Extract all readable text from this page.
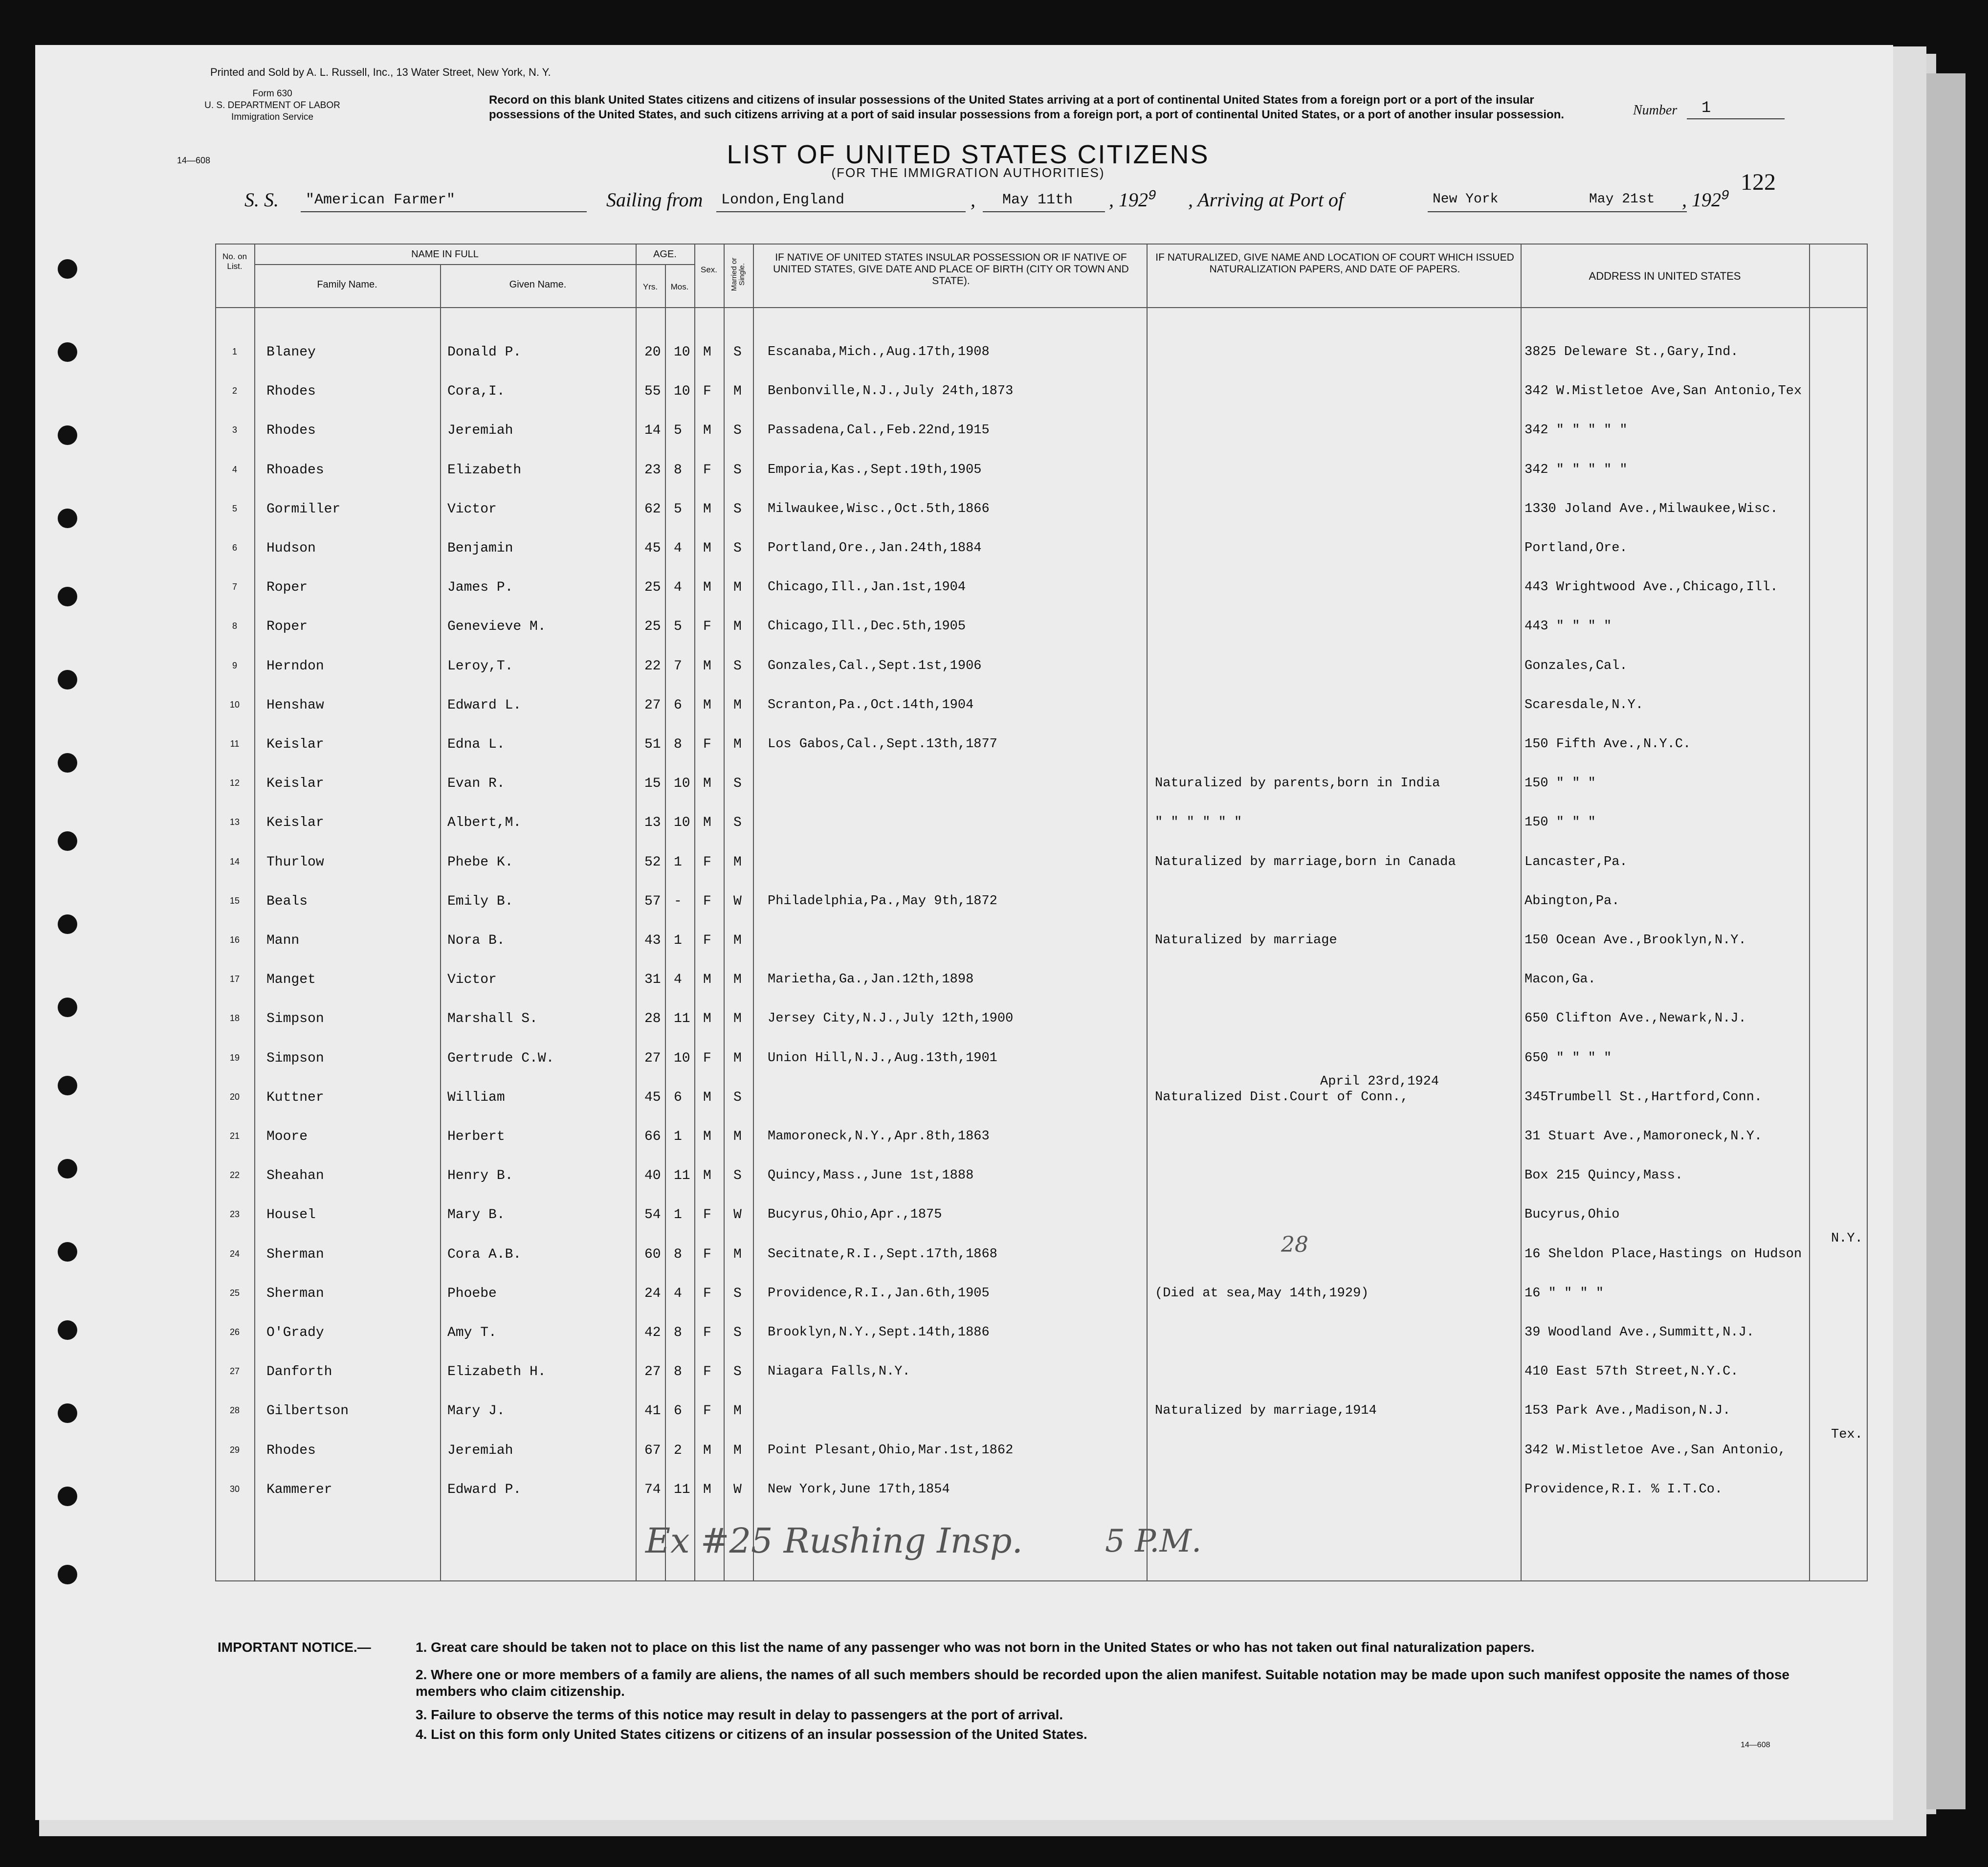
Printed and Sold by A. L. Russell, Inc., 13 Water Street, New York, N. Y.
Form 630
U. S. DEPARTMENT OF LABOR
Immigration Service
Record on this blank United States citizens and citizens of insular possessions of the United States arriving at a port of continental United States from a foreign port or a port of the insular possessions of the United States, and such citizens arriving at a port of said insular possessions from a foreign port, a port of continental United States, or a port of another insular possession.	Number 1
14—608	LIST OF UNITED STATES CITIZENS
(FOR THE IMMIGRATION AUTHORITIES)	122
S. S. "American Farmer"	Sailing from London,England	, May 11th , $192^9$ , Arriving at Port of	New York	May 21st , $192^9$
No. on List.
NAME IN FULL
Family Name.	Given Name.
AGE.
Yrs.	Mos.
Sex.	Married or Single.
IF NATIVE OF UNITED STATES INSULAR POSSESSION OR IF NATIVE OF UNITED STATES, GIVE DATE AND PLACE OF BIRTH (CITY OR TOWN AND STATE).
IF NATURALIZED, GIVE NAME AND LOCATION OF COURT WHICH ISSUED NATURALIZATION PAPERS, AND DATE OF PAPERS.
ADDRESS IN UNITED STATES
1	Blaney	Donald P.	20 10 M S Escanaba,Mich.,Aug.17th,1908	3825 Deleware St.,Gary,Ind.
2	Rhodes	Cora,I.	55 10 F M Benbonville,N.J.,July 24th,1873	342 W.Mistletoe Ave,San Antonio,Tex
3	Rhodes	Jeremiah	14 5 M S Passadena,Cal.,Feb.22nd,1915	342 " " " " "
4	Rhoades	Elizabeth	23 8 F S Emporia,Kas.,Sept.19th,1905	342 " " " " "
5	Gormiller	Victor	62 5 M S Milwaukee,Wisc.,Oct.5th,1866	1330 Joland Ave.,Milwaukee,Wisc.
6	Hudson	Benjamin	45 4 M S Portland,Ore.,Jan.24th,1884	Portland,Ore.
7	Roper	James P.	25 4 M M Chicago,Ill.,Jan.1st,1904	443 Wrightwood Ave.,Chicago,Ill.
8	Roper	Genevieve M.	25 5 F M Chicago,Ill.,Dec.5th,1905	443 " " " "
9	Herndon	Leroy,T.	22 7 M S Gonzales,Cal.,Sept.1st,1906	Gonzales,Cal.
10	Henshaw	Edward L.	27 6 M M Scranton,Pa.,Oct.14th,1904	Scaresdale,N.Y.
11	Keislar	Edna L.	51 8 F M Los Gabos,Cal.,Sept.13th,1877	150 Fifth Ave.,N.Y.C.
12	Keislar	Evan R.	15 10 M S	Naturalized by parents,born in India	150 " " "
13	Keislar	Albert,M.	13 10 M S	" " " " " "	150 " " "
14	Thurlow	Phebe K.	52 1 F M	Naturalized by marriage,born in Canada	Lancaster,Pa.
15	Beals	Emily B.	57 - F W Philadelphia,Pa.,May 9th,1872	Abington,Pa.
16	Mann	Nora B.	43 1 F M	Naturalized by marriage	150 Ocean Ave.,Brooklyn,N.Y.
17	Manget	Victor	31 4 M M Marietha,Ga.,Jan.12th,1898	Macon,Ga.
18	Simpson	Marshall S.	28 11 M M Jersey City,N.J.,July 12th,1900	650 Clifton Ave.,Newark,N.J.
19	Simpson	Gertrude C.W.	27 10 F M Union Hill,N.J.,Aug.13th,1901	650 " " " "
20	Kuttner	William	45 6 M S	Naturalized Dist.Court of Conn.,	345Trumbell St.,Hartford,Conn.
April 23rd,1924
21	Moore	Herbert	66 1 M M Mamoroneck,N.Y.,Apr.8th,1863	31 Stuart Ave.,Mamoroneck,N.Y.
22	Sheahan	Henry B.	40 11 M S Quincy,Mass.,June 1st,1888	Box 215 Quincy,Mass.
23	Housel	Mary B.	54 1 F W Bucyrus,Ohio,Apr.,1875	Bucyrus,Ohio
24	Sherman	Cora A.B.	60 8 F M Secitnate,R.I.,Sept.17th,1868	16 Sheldon Place,Hastings on Hudson
N.Y.
25	Sherman	Phoebe	24 4 F S Providence,R.I.,Jan.6th,1905	(Died at sea,May 14th,1929)	16 " " " "
26	O'Grady	Amy T.	42 8 F S Brooklyn,N.Y.,Sept.14th,1886	39 Woodland Ave.,Summitt,N.J.
27	Danforth	Elizabeth H.	27 8 F S Niagara Falls,N.Y.	410 East 57th Street,N.Y.C.
28	Gilbertson	Mary J.	41 6 F M	Naturalized by marriage,1914	153 Park Ave.,Madison,N.J.
29	Rhodes	Jeremiah	67 2 M M Point Plesant,Ohio,Mar.1st,1862	342 W.Mistletoe Ave.,San Antonio,
Tex.
30	Kammerer	Edward P.	74 11 M W New York,June 17th,1854	Providence,R.I. % I.T.Co.
Ex #25 Rushing Insp.	5 P.M.
28
IMPORTANT NOTICE.—	1. Great care should be taken not to place on this list the name of any passenger who was not born in the United States or who has not taken out final naturalization papers.
2. Where one or more members of a family are aliens, the names of all such members should be recorded upon the alien manifest. Suitable notation may be made upon such manifest opposite the names of those members who claim citizenship.
3. Failure to observe the terms of this notice may result in delay to passengers at the port of arrival.
4. List on this form only United States citizens or citizens of an insular possession of the United States.
14—608
